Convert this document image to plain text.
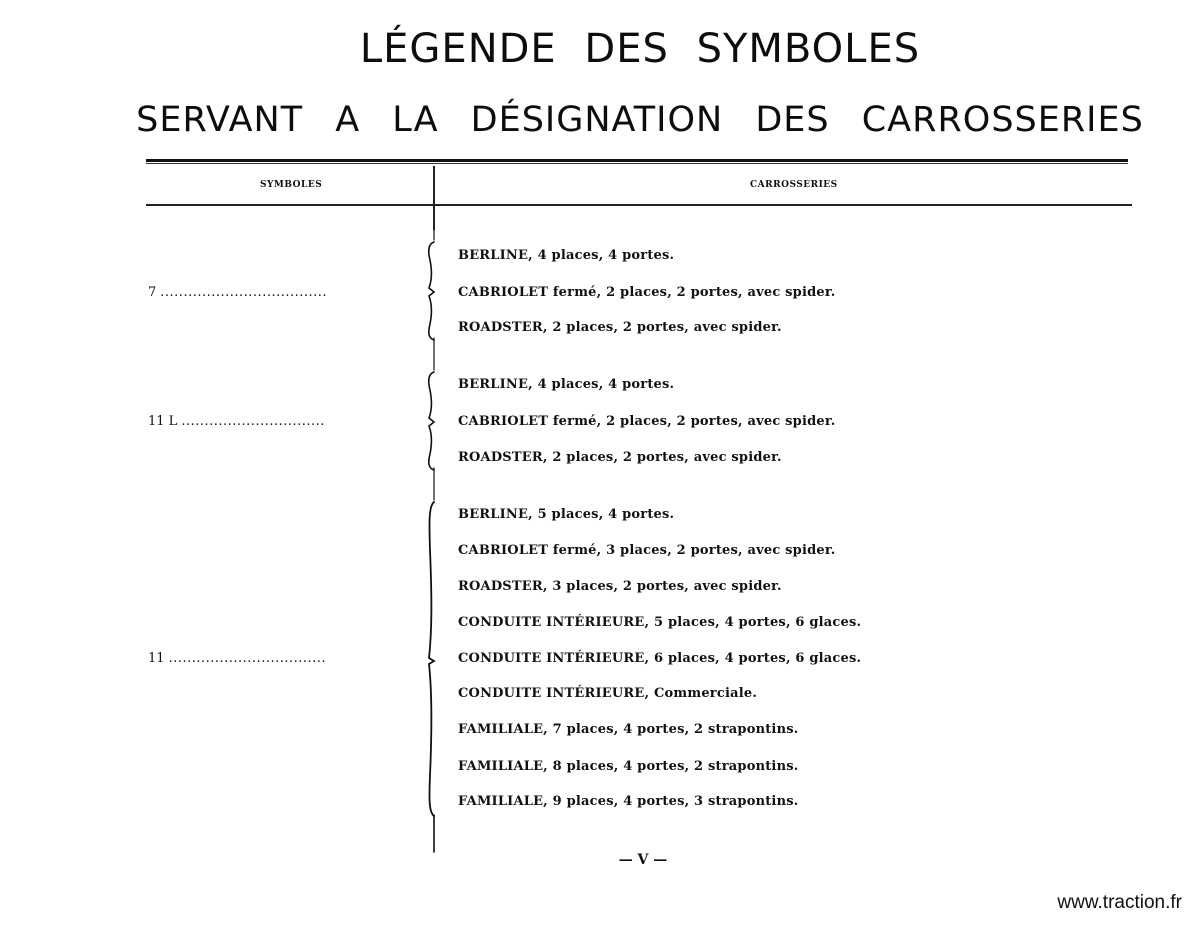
LÉGENDE DES SYMBOLES
SERVANT A LA DÉSIGNATION DES CARROSSERIES
SYMBOLES	CARROSSERIES
7 ....................................
BERLINE, 4 places, 4 portes.
CABRIOLET fermé, 2 places, 2 portes, avec spider.
ROADSTER, 2 places, 2 portes, avec spider.
11 L ...............................
BERLINE, 4 places, 4 portes.
CABRIOLET fermé, 2 places, 2 portes, avec spider.
ROADSTER, 2 places, 2 portes, avec spider.
11 ..................................
BERLINE, 5 places, 4 portes.
CABRIOLET fermé, 3 places, 2 portes, avec spider.
ROADSTER, 3 places, 2 portes, avec spider.
CONDUITE INTÉRIEURE, 5 places, 4 portes, 6 glaces.
CONDUITE INTÉRIEURE, 6 places, 4 portes, 6 glaces.
CONDUITE INTÉRIEURE, Commerciale.
FAMILIALE, 7 places, 4 portes, 2 strapontins.
FAMILIALE, 8 places, 4 portes, 2 strapontins.
FAMILIALE, 9 places, 4 portes, 3 strapontins.
— V —
www.traction.fr
